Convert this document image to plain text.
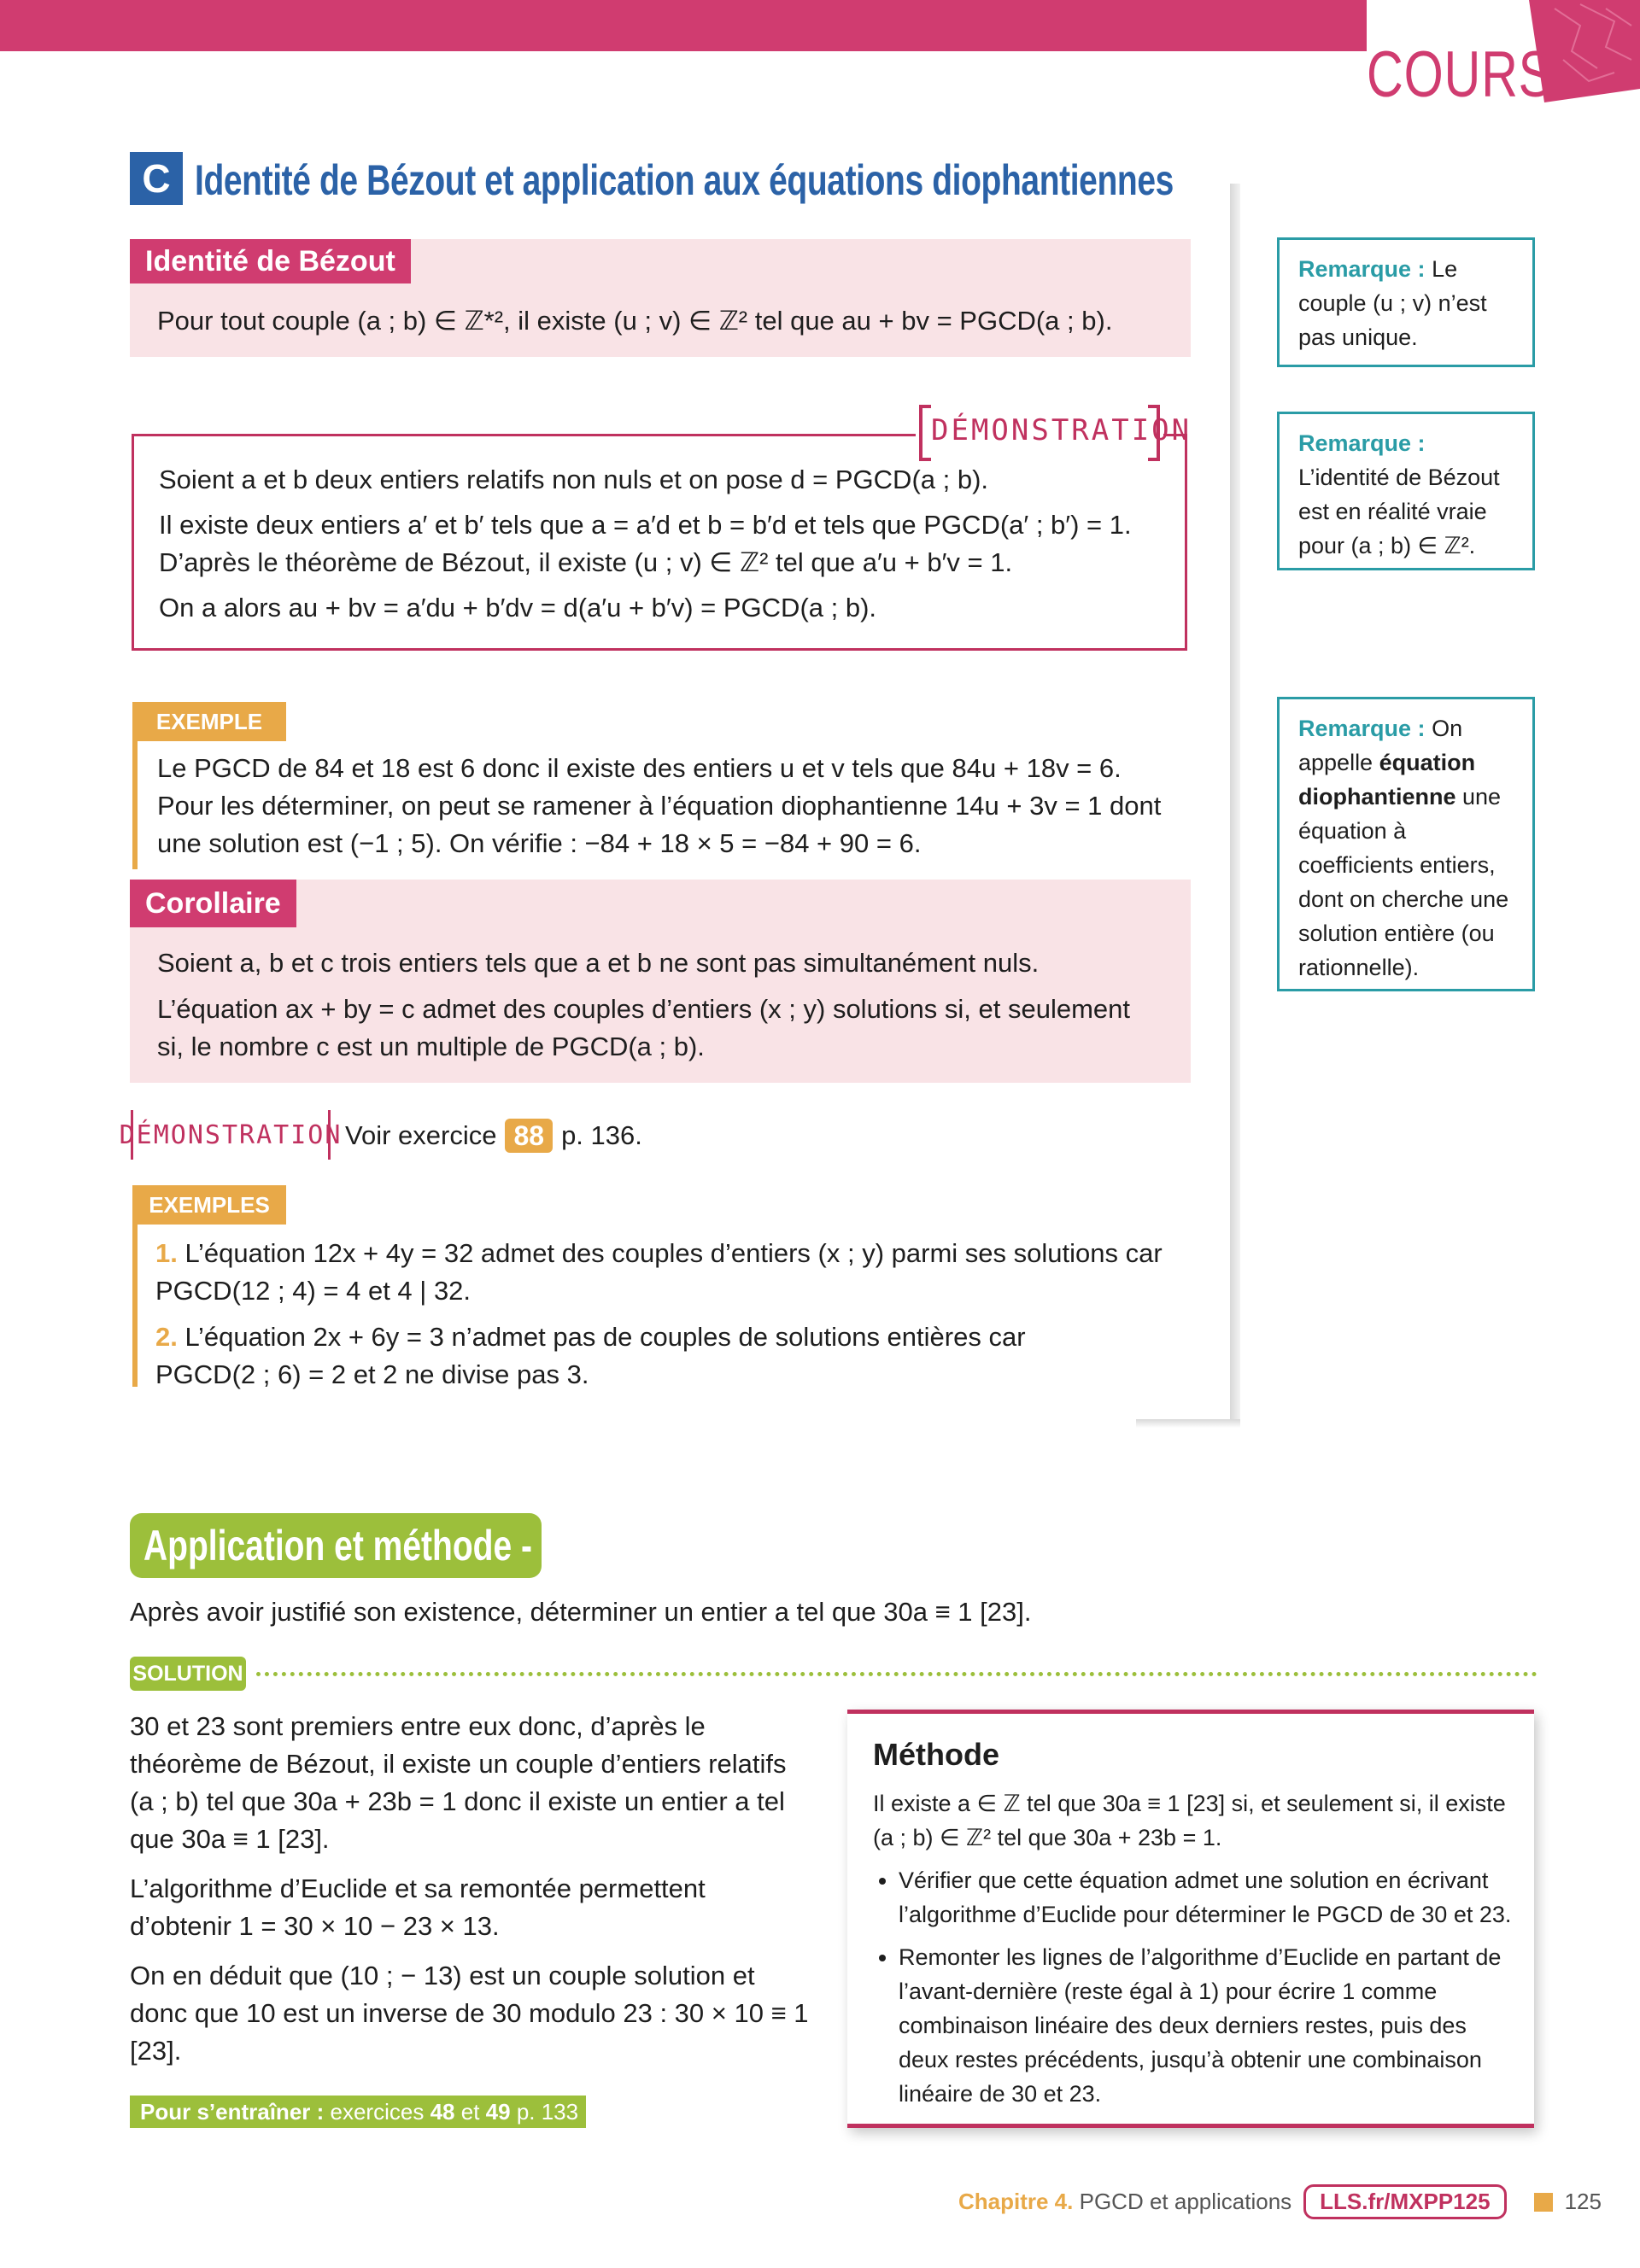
COURS
C Identité de Bézout et application aux équations diophantiennes
Identité de Bézout
Pour tout couple (a ; b) ∈ ℤ*², il existe (u ; v) ∈ ℤ² tel que au + bv = PGCD(a ; b).
DÉMONSTRATION

Soient a et b deux entiers relatifs non nuls et on pose d = PGCD(a ; b).

Il existe deux entiers a′ et b′ tels que a = a′d et b = b′d et tels que PGCD(a′ ; b′) = 1.

D’après le théorème de Bézout, il existe (u ; v) ∈ ℤ² tel que a′u + b′v = 1.

On a alors au + bv = a′du + b′dv = d(a′u + b′v) = PGCD(a ; b).

EXEMPLE

Le PGCD de 84 et 18 est 6 donc il existe des entiers u et v tels que 84u + 18v = 6.

Pour les déterminer, on peut se ramener à l’équation diophantienne 14u + 3v = 1 dont

une solution est (−1 ; 5). On vérifie : −84 + 18 × 5 = −84 + 90 = 6.

Corollaire

Soient a, b et c trois entiers tels que a et b ne sont pas simultanément nuls.

L’équation ax + by = c admet des couples d’entiers (x ; y) solutions si, et seulement

si, le nombre c est un multiple de PGCD(a ; b).

DÉMONSTRATION Voir exercice 88 p. 136.
EXEMPLES

1. L’équation 12x + 4y = 32 admet des couples d’entiers (x ; y) parmi ses solutions car

PGCD(12 ; 4) = 4 et 4 | 32.

2. L’équation 2x + 6y = 3 n’admet pas de couples de solutions entières car

PGCD(2 ; 6) = 2 et 2 ne divise pas 3.

Remarque : Le couple (u ; v) n’est pas unique.
Remarque : L’identité de Bézout est en réalité vraie pour (a ; b) ∈ ℤ².
Remarque : On appelle équation diophantienne une équation à coefficients entiers, dont on cherche une solution entière (ou rationnelle).
Application et méthode - 6
Après avoir justifié son existence, déterminer un entier a tel que 30a ≡ 1 [23].
SOLUTION

30 et 23 sont premiers entre eux donc, d’après le théorème de Bézout, il existe un couple d’entiers relatifs (a ; b) tel que 30a + 23b = 1 donc il existe un entier a tel que 30a ≡ 1 [23].

L’algorithme d’Euclide et sa remontée permettent d’obtenir 1 = 30 × 10 − 23 × 13.

On en déduit que (10 ; − 13) est un couple solution et donc que 10 est un inverse de 30 modulo 23 : 30 × 10 ≡ 1 [23].

Pour s’entraîner :
exercices
48
et
49
p. 133
Méthode

Il existe a ∈ ℤ tel que 30a ≡ 1 [23] si, et seulement si, il existe (a ; b) ∈ ℤ² tel que 30a + 23b = 1.

• Vérifier que cette équation admet une solution en écrivant l’algorithme d’Euclide pour déterminer le PGCD de 30 et 23.
• Remonter les lignes de l’algorithme d’Euclide en partant de l’avant-dernière (reste égal à 1) pour écrire 1 comme combinaison linéaire des deux derniers restes, puis des deux restes précédents, jusqu’à obtenir une combinaison linéaire de 30 et 23.
Chapitre 4. PGCD et applications	LLS.fr/MXPP125	125
